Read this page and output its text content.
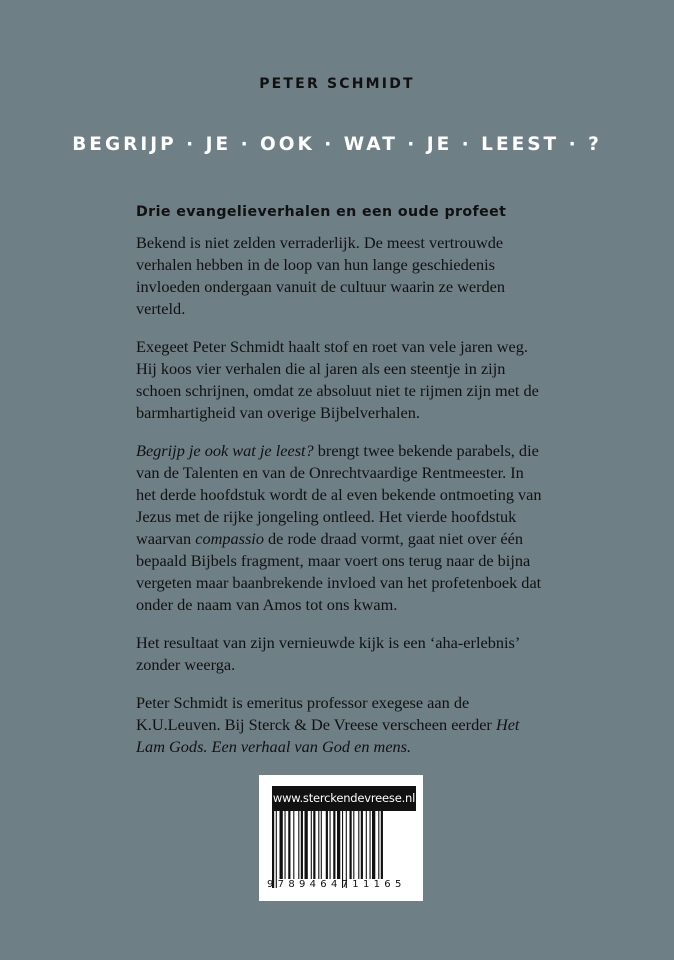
PETER SCHMIDT
BEGRIJP · JE · OOK · WAT · JE · LEEST · ?
Drie evangelieverhalen en een oude profeet

Bekend is niet zelden verraderlijk. De meest vertrouwde verhalen hebben in de loop van hun lange geschiedenis invloeden ondergaan vanuit de cultuur waarin ze werden verteld.

Exegeet Peter Schmidt haalt stof en roet van vele jaren weg. Hij koos vier verhalen die al jaren als een steentje in zijn schoen schrijnen, omdat ze absoluut niet te rijmen zijn met de barmhartigheid van overige Bijbelverhalen.

Begrijp je ook wat je leest? brengt twee bekende parabels, die van de Talenten en van de Onrechtvaardige Rentmeester. In het derde hoofdstuk wordt de al even bekende ontmoeting van Jezus met de rijke jongeling ontleed. Het vierde hoofdstuk waarvan compassio de rode draad vormt, gaat niet over één bepaald Bijbels fragment, maar voert ons terug naar de bijna vergeten maar baanbrekende invloed van het profetenboek dat onder de naam van Amos tot ons kwam.

Het resultaat van zijn vernieuwde kijk is een ‘aha-erlebnis’ zonder weerga.

Peter Schmidt is emeritus professor exegese aan de K.U.Leuven. Bij Sterck & De Vreese verscheen eerder Het Lam Gods. Een verhaal van God en mens.

www.sterckendevreese.nl
9789464711165
